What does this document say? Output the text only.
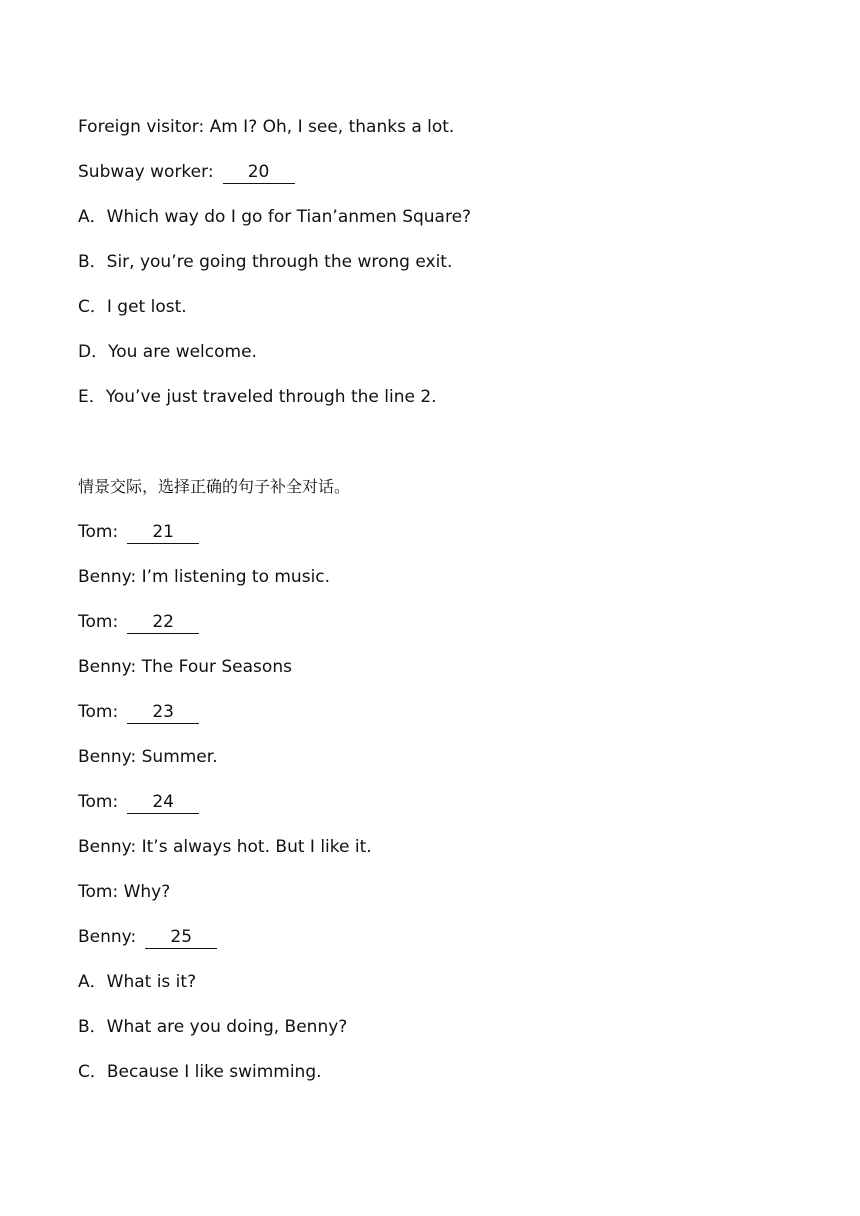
Foreign visitor: Am I? Oh, I see, thanks a lot.
Subway worker: 20
A．Which way do I go for Tian’anmen Square?
B．Sir, you’re going through the wrong exit.
C．I get lost.
D．You are welcome.
E．You’ve just traveled through the line 2.
情景交际，选择正确的句子补全对话。
Tom: 21
Benny: I’m listening to music.
Tom: 22
Benny: The Four Seasons
Tom: 23
Benny: Summer.
Tom: 24
Benny: It’s always hot. But I like it.
Tom: Why?
Benny: 25
A．What is it?
B．What are you doing, Benny?
C．Because I like swimming.
